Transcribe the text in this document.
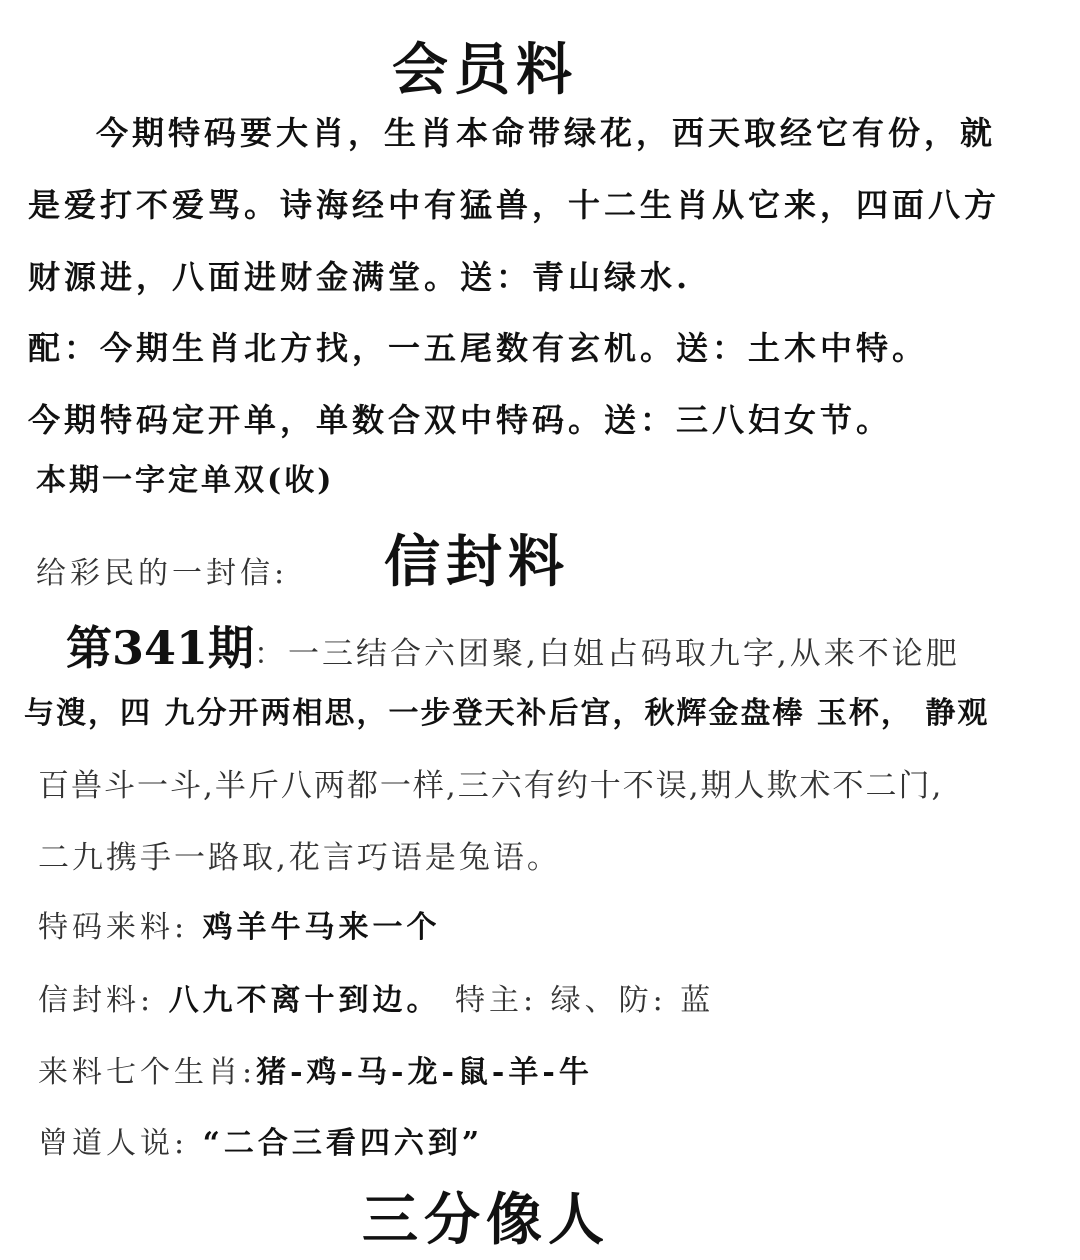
会员料
今期特码要大肖，生肖本命带绿花，西天取经它有份，就
是爱打不爱骂。诗海经中有猛兽，十二生肖从它来，四面八方
财源进，八面进财金满堂。送：青山绿水.
配：今期生肖北方找，一五尾数有玄机。送：土木中特。
今期特码定开单，单数合双中特码。送：三八妇女节。
本期一字定单双(收)
给彩民的一封信: 信封料
第341期：一三结合六团聚,白姐占码取九字,从来不论肥
与溲，四 九分开两相思，一步登天补后宫，秋辉金盘棒 玉杯， 静观
百兽斗一斗,半斤八两都一样,三六有约十不误,期人欺术不二门,
二九携手一路取,花言巧语是兔语。
特码来料: 鸡羊牛马来一个
信封料: 八九不离十到边。 特主: 绿、防: 蓝
来料七个生肖:猪-鸡-马-龙-鼠-羊-牛
曾道人说: “二合三看四六到”
三分像人
